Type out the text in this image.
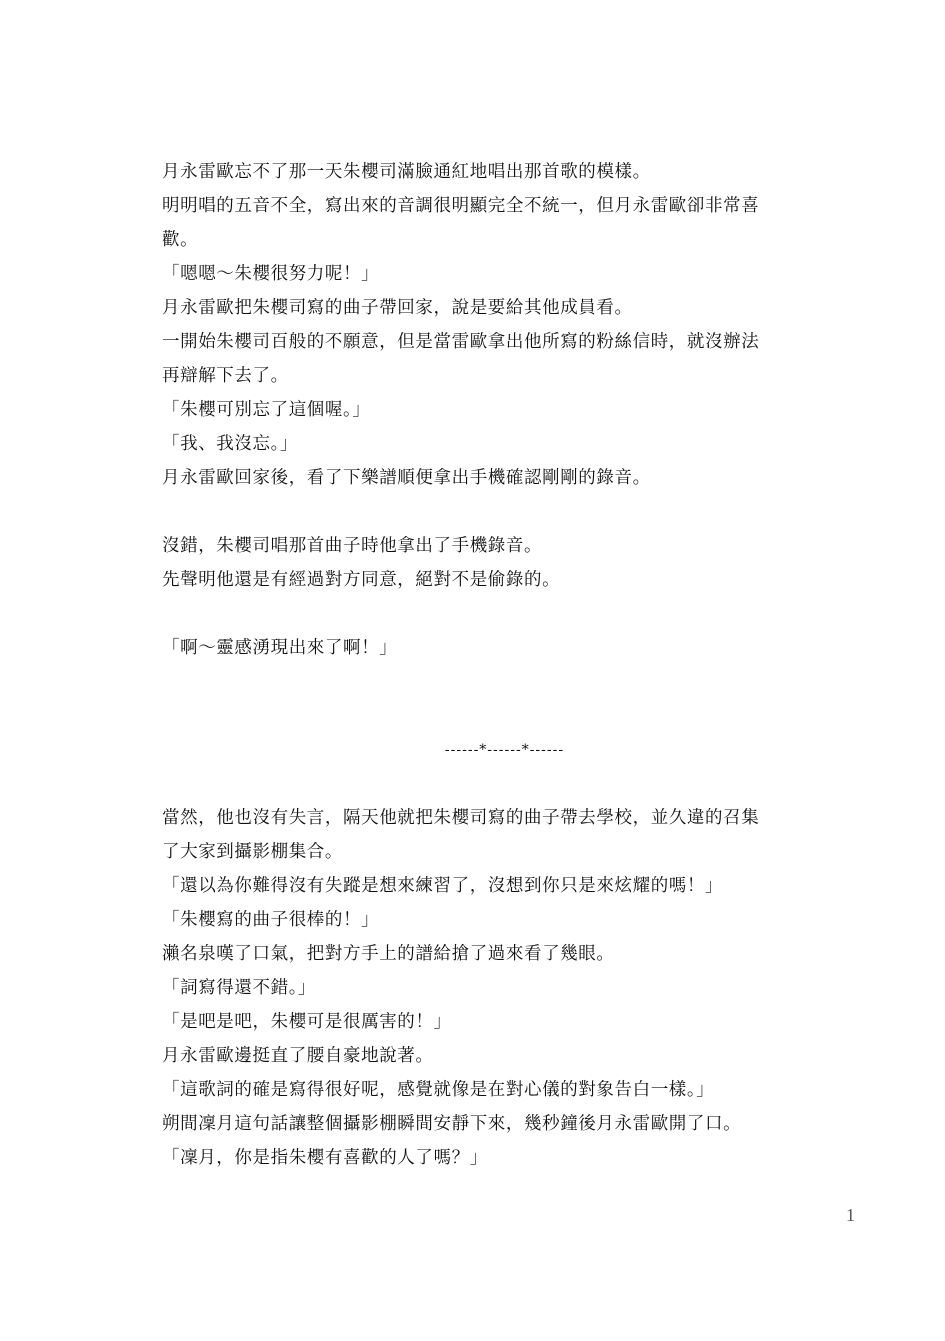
月永雷歐忘不了那一天朱櫻司滿臉通紅地唱出那首歌的模樣。
明明唱的五音不全，寫出來的音調很明顯完全不統一，但月永雷歐卻非常喜
歡。
「嗯嗯～朱櫻很努力呢！」
月永雷歐把朱櫻司寫的曲子帶回家，說是要給其他成員看。
一開始朱櫻司百般的不願意，但是當雷歐拿出他所寫的粉絲信時，就沒辦法
再辯解下去了。
「朱櫻可別忘了這個喔。」
「我、我沒忘。」
月永雷歐回家後，看了下樂譜順便拿出手機確認剛剛的錄音。
沒錯，朱櫻司唱那首曲子時他拿出了手機錄音。
先聲明他還是有經過對方同意，絕對不是偷錄的。
「啊～靈感湧現出來了啊！」
------*------*------
當然，他也沒有失言，隔天他就把朱櫻司寫的曲子帶去學校，並久違的召集
了大家到攝影棚集合。
「還以為你難得沒有失蹤是想來練習了，沒想到你只是來炫耀的嗎！」
「朱櫻寫的曲子很棒的！」
瀨名泉嘆了口氣，把對方手上的譜給搶了過來看了幾眼。
「詞寫得還不錯。」
「是吧是吧，朱櫻可是很厲害的！」
月永雷歐邊挺直了腰自豪地說著。
「這歌詞的確是寫得很好呢，感覺就像是在對心儀的對象告白一樣。」
朔間凜月這句話讓整個攝影棚瞬間安靜下來，幾秒鐘後月永雷歐開了口。
「凜月，你是指朱櫻有喜歡的人了嗎？」
1
